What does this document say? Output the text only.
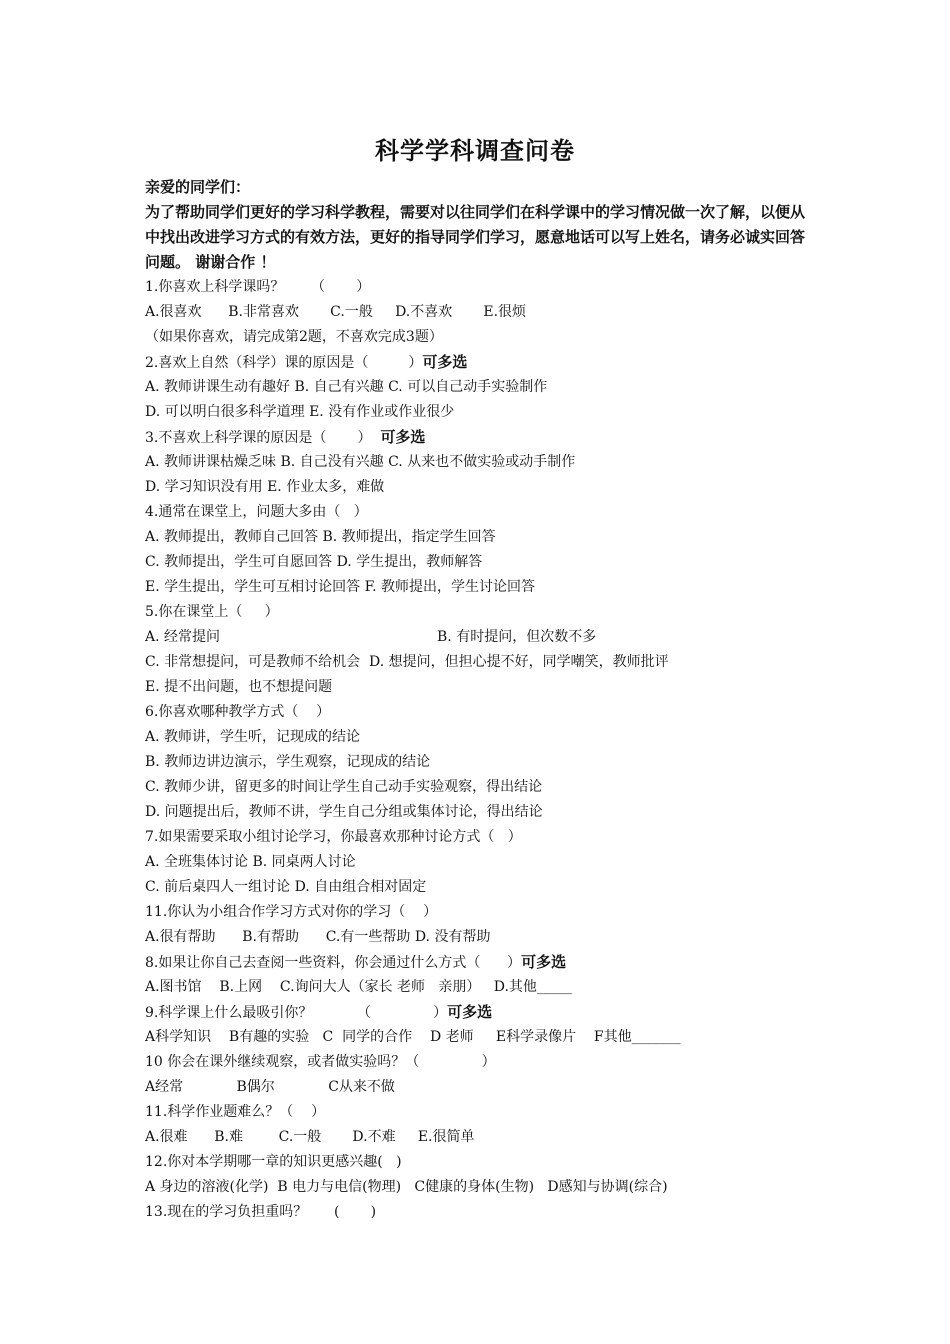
科学学科调查问卷
亲爱的同学们：
为了帮助同学们更好的学习科学教程，需要对以往同学们在科学课中的学习情况做一次了解，以便从中找出改进学习方式的有效方法，更好的指导同学们学习，愿意地话可以写上姓名，请务必诚实回答问题。 谢谢合作 ！
1.你喜欢上科学课吗？      （       ）
A.很喜欢      B.非常喜欢       C.一般     D.不喜欢       E.很烦
（如果你喜欢，请完成第2题，不喜欢完成3题）
2.喜欢上自然（科学）课的原因是（         ）可多选
A. 教师讲课生动有趣好 B. 自己有兴趣 C. 可以自己动手实验制作
D. 可以明白很多科学道理 E. 没有作业或作业很少
3.不喜欢上科学课的原因是（       ）  可多选
A. 教师讲课枯燥乏味 B. 自己没有兴趣 C. 从来也不做实验或动手制作
D. 学习知识没有用 E. 作业太多，难做
4.通常在课堂上，问题大多由（   ）
A. 教师提出，教师自己回答 B. 教师提出，指定学生回答
C. 教师提出，学生可自愿回答 D. 学生提出，教师解答
E. 学生提出，学生可互相讨论回答 F. 教师提出，学生讨论回答
5.你在课堂上（     ）
A. 经常提问	B. 有时提问，但次数不多
C. 非常想提问，可是教师不给机会  D. 想提问，但担心提不好，同学嘲笑，教师批评
E. 提不出问题，也不想提问题
6.你喜欢哪种教学方式（    ）
A. 教师讲，学生听，记现成的结论
B. 教师边讲边演示，学生观察，记现成的结论
C. 教师少讲，留更多的时间让学生自己动手实验观察，得出结论
D. 问题提出后，教师不讲，学生自己分组或集体讨论，得出结论
7.如果需要采取小组讨论学习，你最喜欢那种讨论方式（   ）
A. 全班集体讨论 B. 同桌两人讨论
C. 前后桌四人一组讨论 D. 自由组合相对固定
11.你认为小组合作学习方式对你的学习（    ）
A.很有帮助      B.有帮助      C.有一些帮助 D. 没有帮助
8.如果让你自己去查阅一些资料，你会通过什么方式（      ）可多选
A.图书馆    B.上网    C.询问大人（家长 老师   亲朋）   D.其他_____
9.科学课上什么最吸引你？          （              ）可多选
A科学知识    B有趣的实验   C  同学的合作    D 老师     E科学录像片    F其他_______
10 你会在课外继续观察，或者做实验吗？（              ）
A经常            B偶尔            C从来不做
11.科学作业题难么？（    ）
A.很难      B.难        C.一般       D.不难     E.很简单
12.你对本学期哪一章的知识更感兴趣(   )
A 身边的溶液(化学)  B 电力与电信(物理)   C健康的身体(生物)   D感知与协调(综合)
13.现在的学习负担重吗？      (       )
